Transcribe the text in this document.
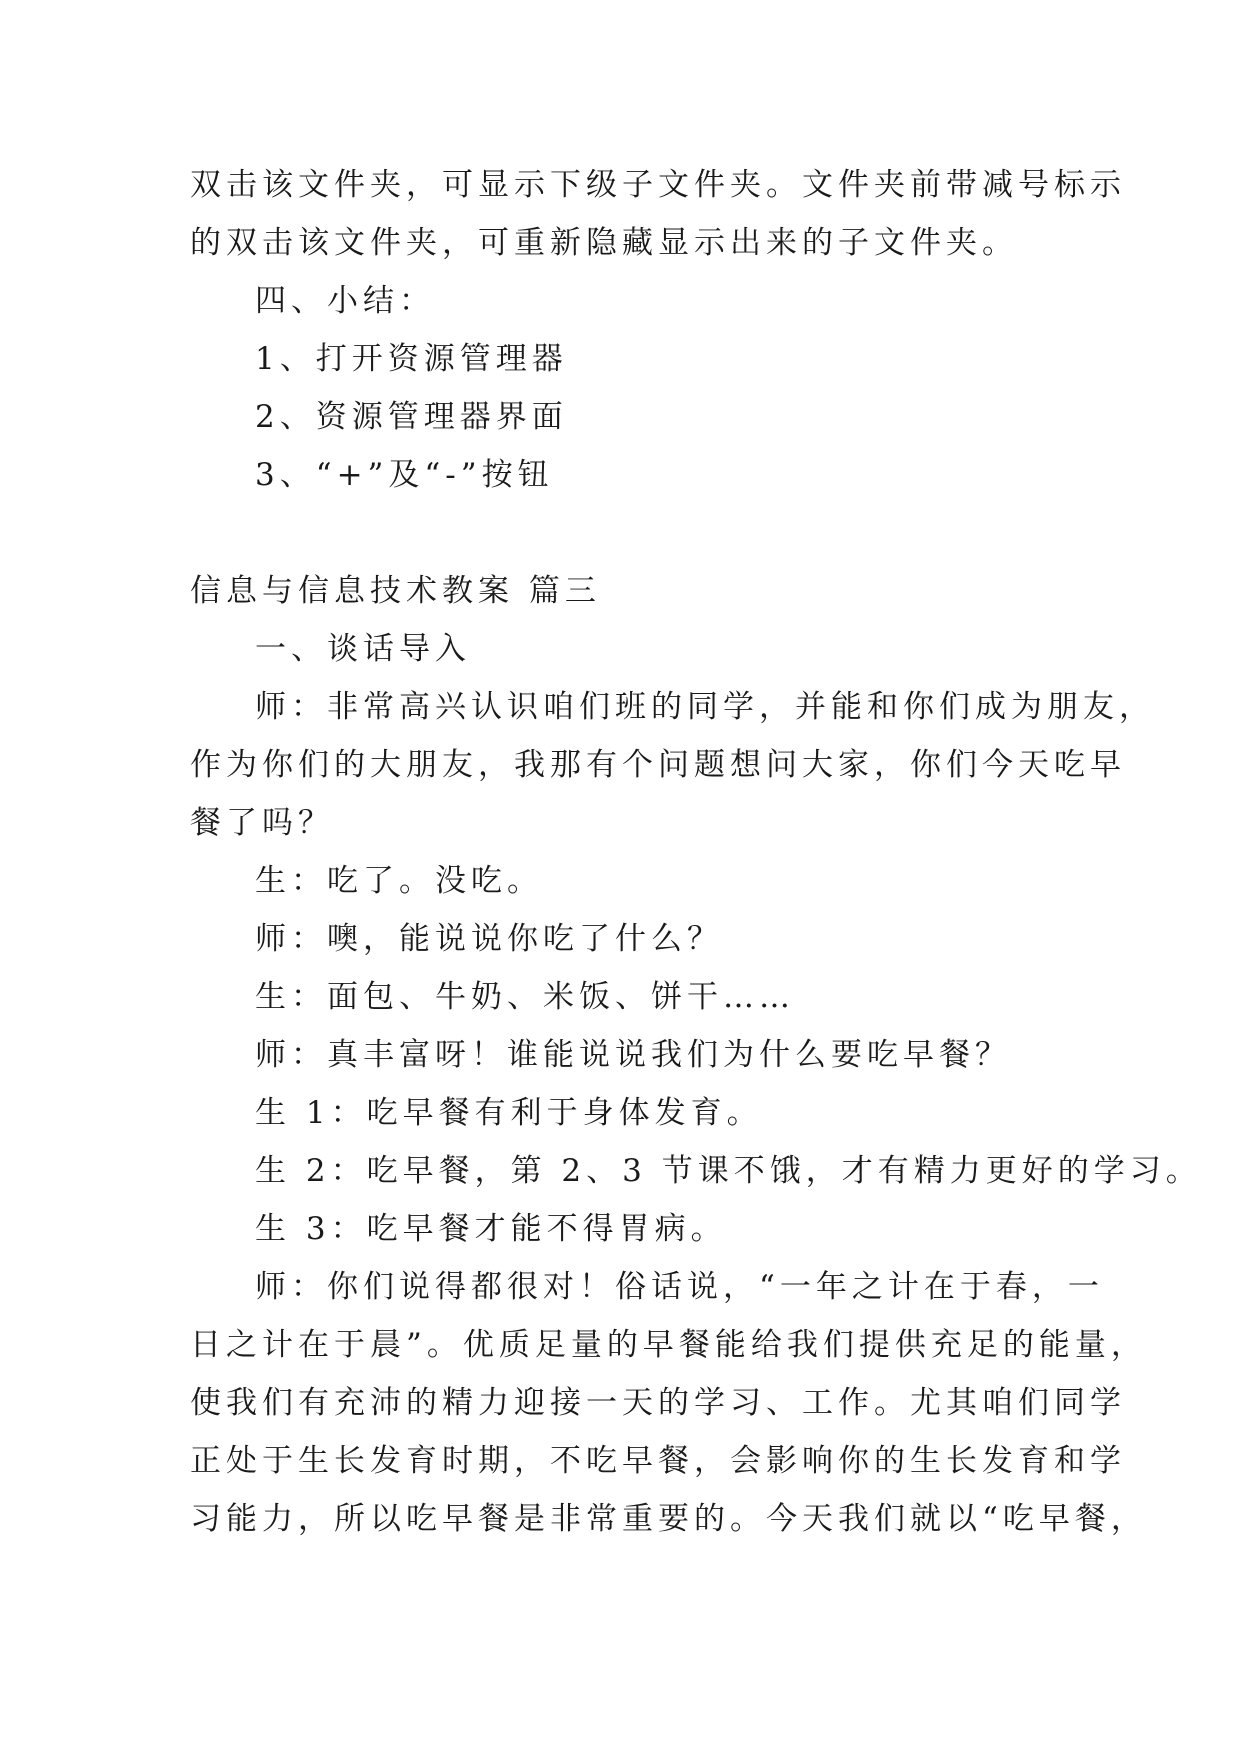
双击该文件夹，可显示下级子文件夹。文件夹前带减号标示
的双击该文件夹，可重新隐藏显示出来的子文件夹。
四、小结：
1、打开资源管理器
2、资源管理器界面
3、“+”及“-”按钮
信息与信息技术教案 篇三
一、谈话导入
师：非常高兴认识咱们班的同学，并能和你们成为朋友，
作为你们的大朋友，我那有个问题想问大家，你们今天吃早
餐了吗？
生：吃了。没吃。
师：噢，能说说你吃了什么？
生：面包、牛奶、米饭、饼干……
师：真丰富呀！谁能说说我们为什么要吃早餐？
生 1：吃早餐有利于身体发育。
生 2：吃早餐，第 2、3 节课不饿，才有精力更好的学习。
生 3：吃早餐才能不得胃病。
师：你们说得都很对！俗话说，“一年之计在于春，一
日之计在于晨”。优质足量的早餐能给我们提供充足的能量，
使我们有充沛的精力迎接一天的学习、工作。尤其咱们同学
正处于生长发育时期，不吃早餐，会影响你的生长发育和学
习能力，所以吃早餐是非常重要的。今天我们就以“吃早餐，
